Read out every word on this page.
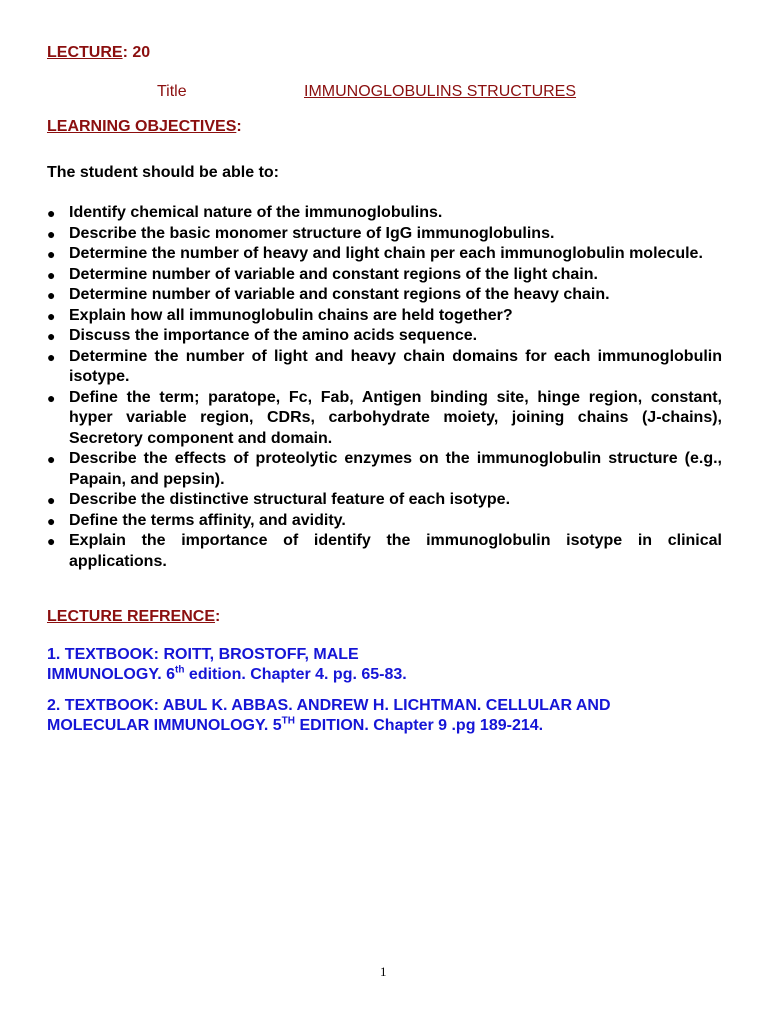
LECTURE: 20
Title	IMMUNOGLOBULINS STRUCTURES
LEARNING OBJECTIVES:
The student should be able to:
● Identify chemical nature of the immunoglobulins.
● Describe the basic monomer structure of IgG immunoglobulins.
● Determine the number of heavy and light chain per each immunoglobulin molecule.
● Determine number of variable and constant regions of the light chain.
● Determine number of variable and constant regions of the heavy chain.
● Explain how all immunoglobulin chains are held together?
● Discuss the importance of the amino acids sequence.
● Determine the number of light and heavy chain domains for each immunoglobulin isotype.
● Define the term; paratope, Fc, Fab, Antigen binding site, hinge region, constant, hyper variable region, CDRs, carbohydrate moiety, joining chains (J-chains), Secretory component and domain.
● Describe the effects of proteolytic enzymes on the immunoglobulin structure (e.g., Papain, and pepsin).
● Describe the distinctive structural feature of each isotype.
● Define the terms affinity, and avidity.
● Explain the importance of identify the immunoglobulin isotype in clinical applications.
LECTURE REFRENCE:
1. TEXTBOOK: ROITT, BROSTOFF, MALE
IMMUNOLOGY. 6th edition. Chapter 4. pg. 65-83.
2. TEXTBOOK: ABUL K. ABBAS. ANDREW H. LICHTMAN. CELLULAR AND
MOLECULAR IMMUNOLOGY. 5TH EDITION. Chapter 9 .pg 189-214.
1
